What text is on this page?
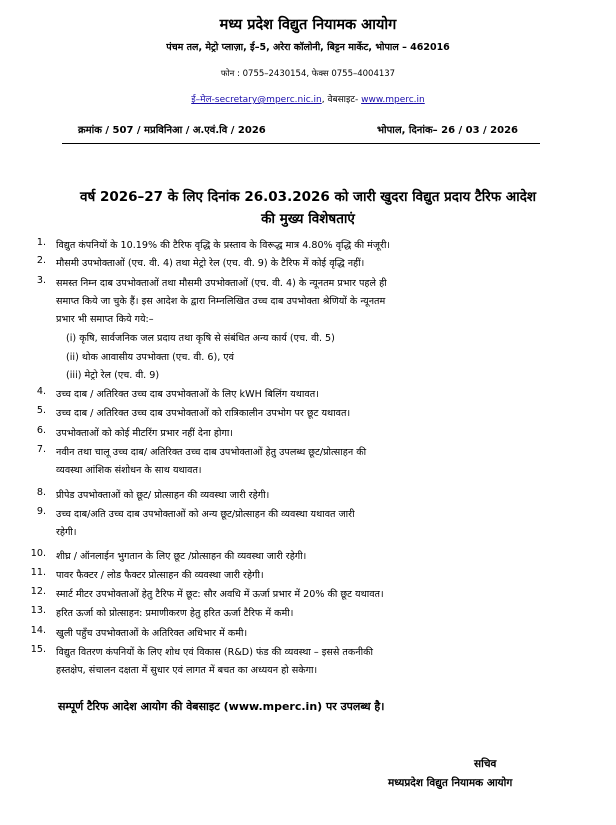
मध्य प्रदेश विद्युत नियामक आयोग
पंचम तल, मेट्रो प्लाज़ा, ई–5, अरेरा कॉलोनी, बिट्टन मार्केट, भोपाल – 462016
फोन : 0755–2430154, फेक्स 0755–4004137
ई–मेल-secretary@mperc.nic.in, वेबसाइट- www.mperc.in
क्रमांक / 507 / मप्रविनिआ / अ.एवं.वि / 2026	भोपाल, दिनांक– 26 / 03 / 2026
वर्ष 2026–27 के लिए दिनांक 26.03.2026 को जारी खुदरा विद्युत प्रदाय टैरिफ आदेश
की मुख्य विशेषताएं
1. विद्युत कंपनियों के 10.19% की टैरिफ वृद्धि के प्रस्ताव के विरूद्ध मात्र 4.80% वृद्धि की मंजूरी।
2. मौसमी उपभोक्ताओं (एच. वी. 4) तथा मेट्रो रेल (एच. वी. 9) के टैरिफ में कोई वृद्धि नहीं।
3. समस्त निम्न दाब उपभोक्ताओं तथा मौसमी उपभोक्ताओं (एच. वी. 4) के न्यूनतम प्रभार पहले ही
समाप्त किये जा चुके हैं। इस आदेश के द्वारा निम्नलिखित उच्च दाब उपभोक्ता श्रेणियों के न्यूनतम
प्रभार भी समाप्त किये गये:–
4. उच्च दाब / अतिरिक्त उच्च दाब उपभोक्ताओं के लिए kWH बिलिंग यथावत।
5. उच्च दाब / अतिरिक्त उच्च दाब उपभोक्ताओं को रात्रिकालीन उपभोग पर छूट यथावत।
6. उपभोक्ताओं को कोई मीटरिंग प्रभार नहीं देना होगा।
7. नवीन तथा चालू उच्च दाब/ अतिरिक्त उच्च दाब उपभोक्ताओं हेतु उपलब्ध छूट/प्रोत्साहन की
व्यवस्था आंशिक संशोधन के साथ यथावत।
8. प्रीपेड उपभोक्ताओं को छूट/ प्रोत्साहन की व्यवस्था जारी रहेगी।
9. उच्च दाब/अति उच्च दाब उपभोक्ताओं को अन्य छूट/प्रोत्साहन की व्यवस्था यथावत जारी
रहेगी।
10. शीघ्र / ऑनलाईन भुगतान के लिए छूट /प्रोत्साहन की व्यवस्था जारी रहेगी।
11. पावर फैक्टर / लोड फैक्टर प्रोत्साहन की व्यवस्था जारी रहेगी।
12. स्मार्ट मीटर उपभोक्ताओं हेतु टैरिफ में छूट: सौर अवधि में ऊर्जा प्रभार में 20% की छूट यथावत।
13. हरित ऊर्जा को प्रोत्साहन: प्रमाणीकरण हेतु हरित ऊर्जा टैरिफ में कमी।
14. खुली पहुँच उपभोक्ताओं के अतिरिक्त अधिभार में कमी।
15. विद्युत वितरण कंपनियों के लिए शोध एवं विकास (R&D) फंड की व्यवस्था – इससे तकनीकी
हस्तक्षेप, संचालन दक्षता में सुधार एवं लागत में बचत का अध्ययन हो सकेगा।
(i) कृषि, सार्वजनिक जल प्रदाय तथा कृषि से संबंधित अन्य कार्य (एच. वी. 5)
(ii) थोक आवासीय उपभोक्ता (एच. वी. 6), एवं
(iii) मेट्रो रेल (एच. वी. 9)
सम्पूर्ण टैरिफ आदेश आयोग की वेबसाइट (www.mperc.in) पर उपलब्ध है।
सचिव
मध्यप्रदेश विद्युत नियामक आयोग
